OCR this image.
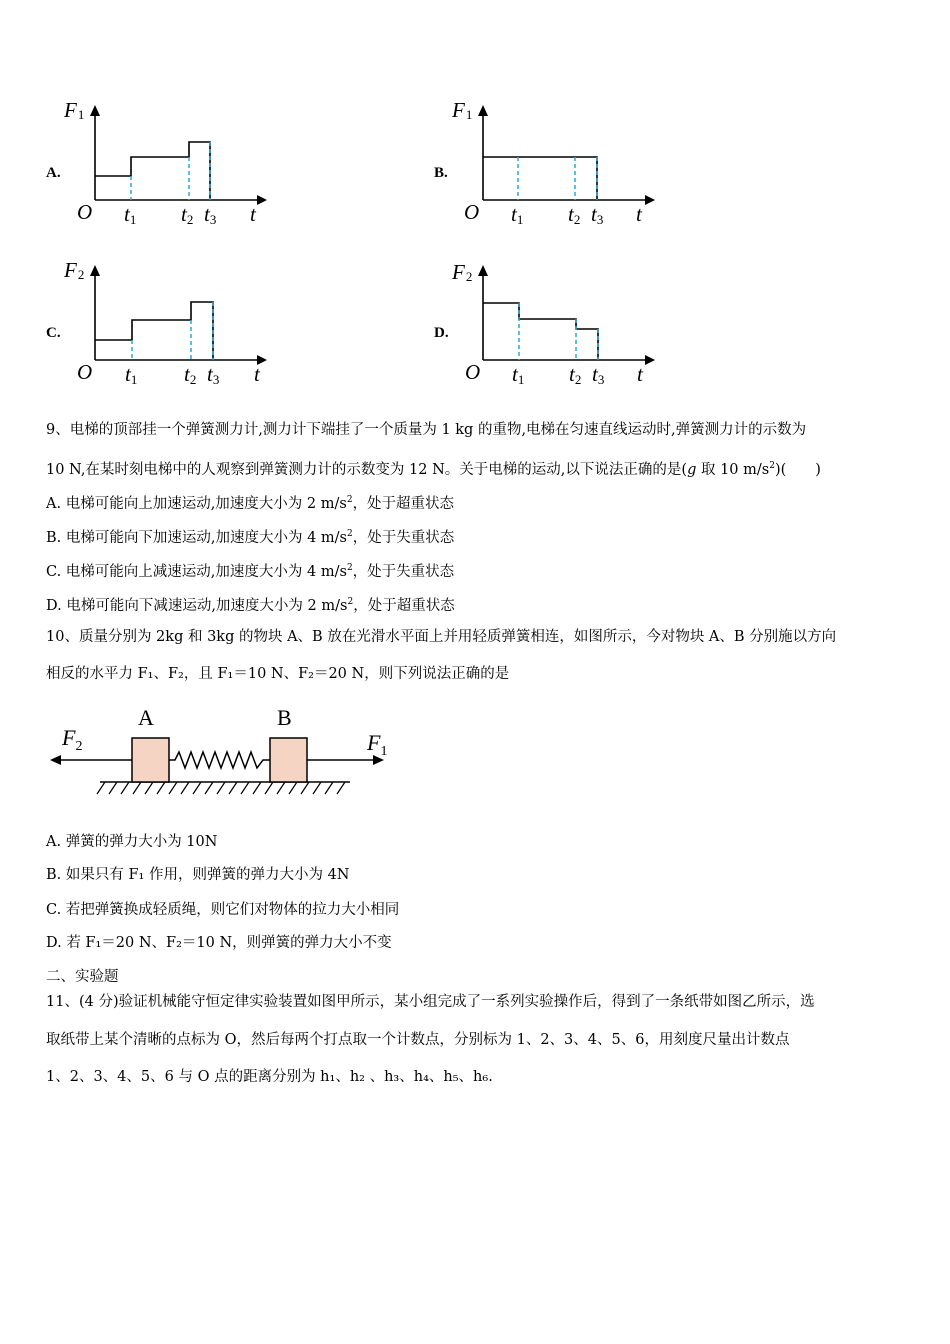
A.
F1
O t1 t2 t3 t
B.
F1
O t1 t2 t3 t
C.
F2
O t1 t2 t3 t
D.
F2
O t1 t2 t3 t
9、电梯的顶部挂一个弹簧测力计,测力计下端挂了一个质量为 1 kg 的重物,电梯在匀速直线运动时,弹簧测力计的示数为
10 N,在某时刻电梯中的人观察到弹簧测力计的示数变为 12 N。关于电梯的运动,以下说法正确的是(g 取 10 $m/s^2$)(　　)
A. 电梯可能向上加速运动,加速度大小为 2 $m/s^2$，处于超重状态
B. 电梯可能向下加速运动,加速度大小为 4 $m/s^2$，处于失重状态
C. 电梯可能向上减速运动,加速度大小为 4 $m/s^2$，处于失重状态
D. 电梯可能向下减速运动,加速度大小为 2 $m/s^2$，处于超重状态
10、质量分别为 2kg 和 3kg 的物块 A、B 放在光滑水平面上并用轻质弹簧相连，如图所示，今对物块 A、B 分别施以方向
相反的水平力 F₁、F₂，且 F₁＝10 N、F₂＝20 N，则下列说法正确的是
A	B
$F_2$	$F_1$
A. 弹簧的弹力大小为 10N
B. 如果只有 F₁ 作用，则弹簧的弹力大小为 4N
C. 若把弹簧换成轻质绳，则它们对物体的拉力大小相同
D. 若 F₁＝20 N、F₂＝10 N，则弹簧的弹力大小不变
二、实验题
11、(4 分)验证机械能守恒定律实验装置如图甲所示，某小组完成了一系列实验操作后，得到了一条纸带如图乙所示，选
取纸带上某个清晰的点标为 O，然后每两个打点取一个计数点，分别标为 1、2、3、4、5、6，用刻度尺量出计数点
1、2、3、4、5、6 与 O 点的距离分别为 h₁、h₂ 、h₃、h₄、h₅、h₆.
